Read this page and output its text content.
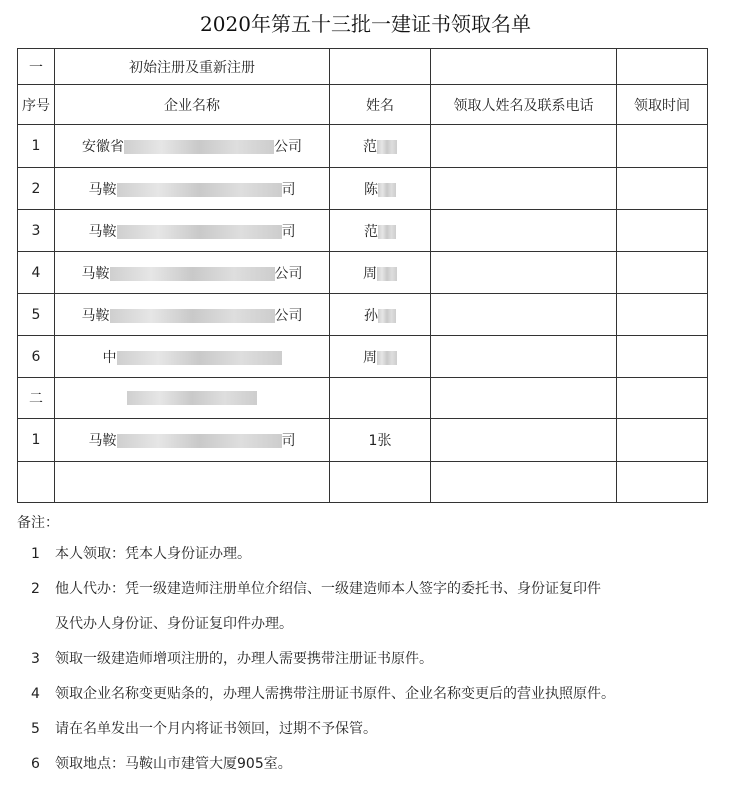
2020年第五十三批一建证书领取名单
一	初始注册及重新注册			
序号	企业名称	姓名	领取人姓名及联系电话	领取时间
1	安徽省 公司	范		
2	马鞍 司	陈		
3	马鞍 司	范		
4	马鞍 公司	周		
5	马鞍 公司	孙		
6	中	周		
二				
1	马鞍 司	1张		

备注：
1	本人领取：凭本人身份证办理。
2	他人代办：凭一级建造师注册单位介绍信、一级建造师本人签字的委托书、身份证复印件
及代办人身份证、身份证复印件办理。
3	领取一级建造师增项注册的，办理人需要携带注册证书原件。
4	领取企业名称变更贴条的，办理人需携带注册证书原件、企业名称变更后的营业执照原件。
5	请在名单发出一个月内将证书领回，过期不予保管。
6	领取地点：马鞍山市建管大厦905室。
